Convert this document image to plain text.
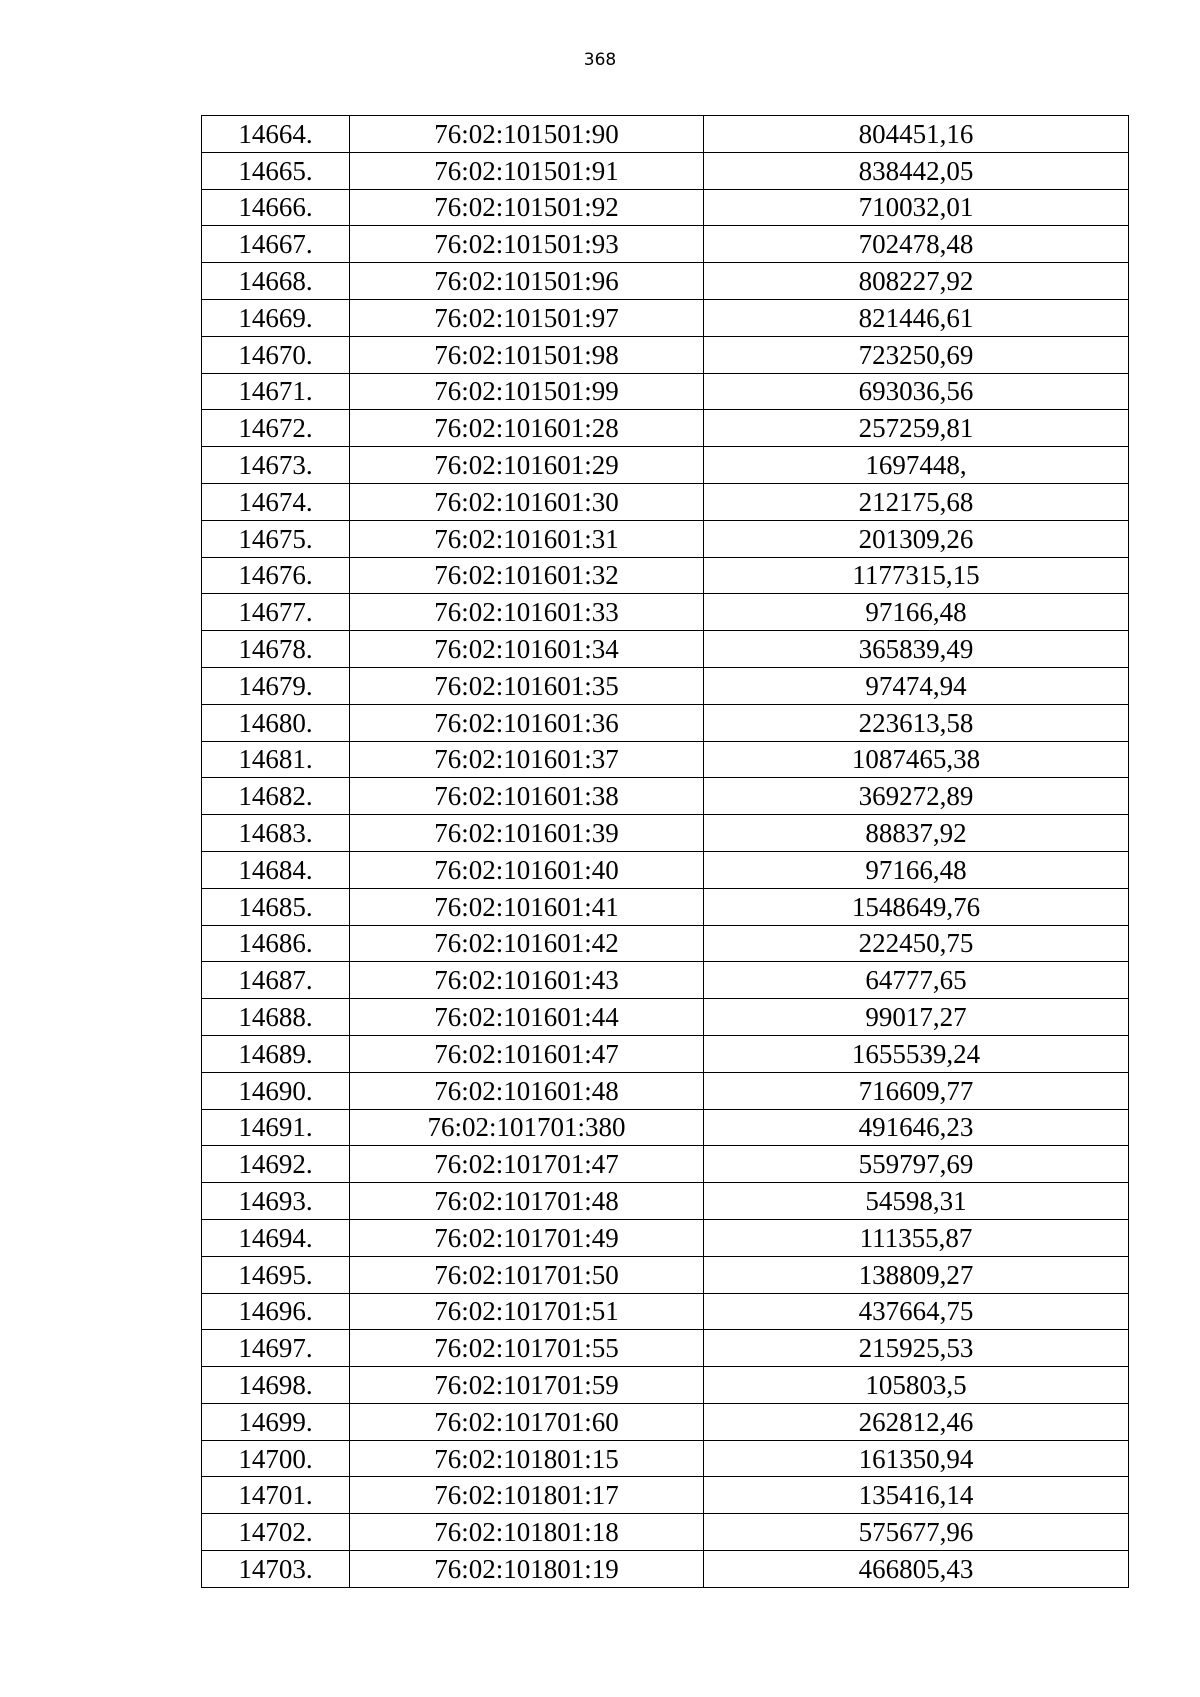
368
14664.	76:02:101501:90	804451,16
14665.	76:02:101501:91	838442,05
14666.	76:02:101501:92	710032,01
14667.	76:02:101501:93	702478,48
14668.	76:02:101501:96	808227,92
14669.	76:02:101501:97	821446,61
14670.	76:02:101501:98	723250,69
14671.	76:02:101501:99	693036,56
14672.	76:02:101601:28	257259,81
14673.	76:02:101601:29	1697448,
14674.	76:02:101601:30	212175,68
14675.	76:02:101601:31	201309,26
14676.	76:02:101601:32	1177315,15
14677.	76:02:101601:33	97166,48
14678.	76:02:101601:34	365839,49
14679.	76:02:101601:35	97474,94
14680.	76:02:101601:36	223613,58
14681.	76:02:101601:37	1087465,38
14682.	76:02:101601:38	369272,89
14683.	76:02:101601:39	88837,92
14684.	76:02:101601:40	97166,48
14685.	76:02:101601:41	1548649,76
14686.	76:02:101601:42	222450,75
14687.	76:02:101601:43	64777,65
14688.	76:02:101601:44	99017,27
14689.	76:02:101601:47	1655539,24
14690.	76:02:101601:48	716609,77
14691.	76:02:101701:380	491646,23
14692.	76:02:101701:47	559797,69
14693.	76:02:101701:48	54598,31
14694.	76:02:101701:49	111355,87
14695.	76:02:101701:50	138809,27
14696.	76:02:101701:51	437664,75
14697.	76:02:101701:55	215925,53
14698.	76:02:101701:59	105803,5
14699.	76:02:101701:60	262812,46
14700.	76:02:101801:15	161350,94
14701.	76:02:101801:17	135416,14
14702.	76:02:101801:18	575677,96
14703.	76:02:101801:19	466805,43
